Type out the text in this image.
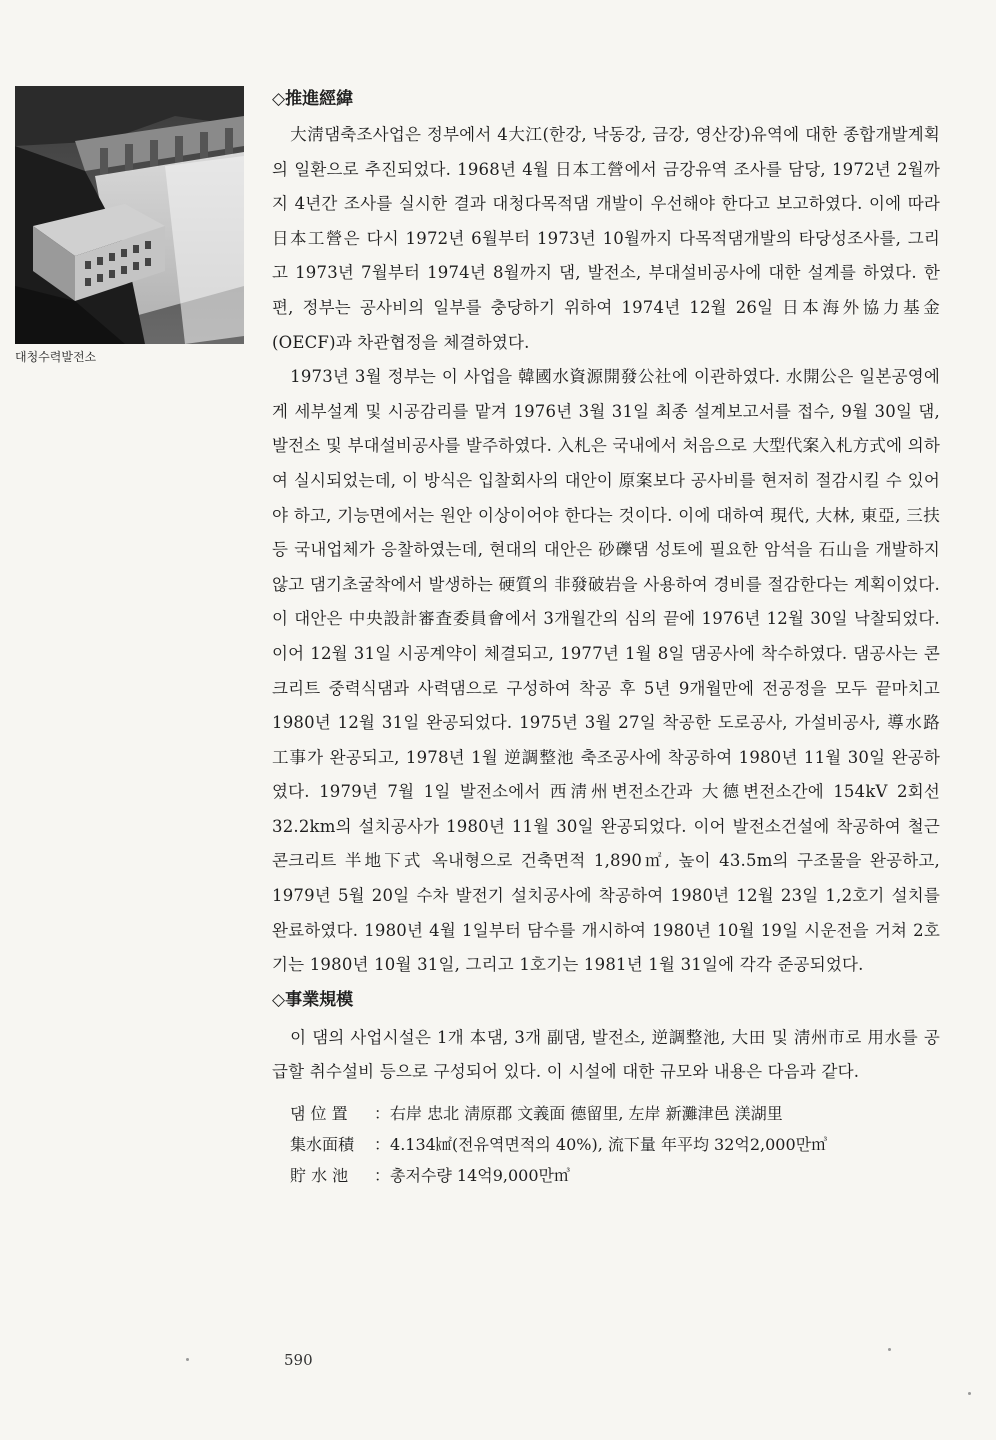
대청수력발전소
◇推進經緯

大淸댐축조사업은 정부에서 4大江(한강, 낙동강, 금강, 영산강)유역에 대한 종합개발계획의 일환으로 추진되었다. 1968년 4월 日本工營에서 금강유역 조사를 담당, 1972년 2월까지 4년간 조사를 실시한 결과 대청다목적댐 개발이 우선해야 한다고 보고하였다. 이에 따라 日本工營은 다시 1972년 6월부터 1973년 10월까지 다목적댐개발의 타당성조사를, 그리고 1973년 7월부터 1974년 8월까지 댐, 발전소, 부대설비공사에 대한 설계를 하였다. 한편, 정부는 공사비의 일부를 충당하기 위하여 1974년 12월 26일 日本海外協力基金(OECF)과 차관협정을 체결하였다.

1973년 3월 정부는 이 사업을 韓國水資源開發公社에 이관하였다. 水開公은 일본공영에게 세부설계 및 시공감리를 맡겨 1976년 3월 31일 최종 설계보고서를 접수, 9월 30일 댐, 발전소 및 부대설비공사를 발주하였다. 入札은 국내에서 처음으로 大型代案入札方式에 의하여 실시되었는데, 이 방식은 입찰회사의 대안이 原案보다 공사비를 현저히 절감시킬 수 있어야 하고, 기능면에서는 원안 이상이어야 한다는 것이다. 이에 대하여 現代, 大林, 東亞, 三扶 등 국내업체가 응찰하였는데, 현대의 대안은 砂礫댐 성토에 필요한 암석을 石山을 개발하지 않고 댐기초굴착에서 발생하는 硬質의 非發破岩을 사용하여 경비를 절감한다는 계획이었다. 이 대안은 中央設計審査委員會에서 3개월간의 심의 끝에 1976년 12월 30일 낙찰되었다. 이어 12월 31일 시공계약이 체결되고, 1977년 1월 8일 댐공사에 착수하였다. 댐공사는 콘크리트 중력식댐과 사력댐으로 구성하여 착공 후 5년 9개월만에 전공정을 모두 끝마치고 1980년 12월 31일 완공되었다. 1975년 3월 27일 착공한 도로공사, 가설비공사, 導水路工事가 완공되고, 1978년 1월 逆調整池 축조공사에 착공하여 1980년 11월 30일 완공하였다. 1979년 7월 1일 발전소에서 西淸州변전소간과 大德변전소간에 154kV 2회선 32.2km의 설치공사가 1980년 11월 30일 완공되었다. 이어 발전소건설에 착공하여 철근콘크리트 半地下式 옥내형으로 건축면적 1,890㎡, 높이 43.5m의 구조물을 완공하고, 1979년 5월 20일 수차 발전기 설치공사에 착공하여 1980년 12월 23일 1,2호기 설치를 완료하였다. 1980년 4월 1일부터 담수를 개시하여 1980년 10월 19일 시운전을 거쳐 2호기는 1980년 10월 31일, 그리고 1호기는 1981년 1월 31일에 각각 준공되었다.

◇事業規模

이 댐의 사업시설은 1개 本댐, 3개 副댐, 발전소, 逆調整池, 大田 및 淸州市로 用水를 공급할 취수설비 등으로 구성되어 있다. 이 시설에 대한 규모와 내용은 다음과 같다.

댐 位 置 ：右岸 忠北 淸原郡 文義面 德留里, 左岸 新灘津邑 渼湖里
集水面積 ：4.134㎢(전유역면적의 40%), 流下量 年平均 32억2,000만㎥
貯 水 池 ：총저수량 14억9,000만㎥
590
